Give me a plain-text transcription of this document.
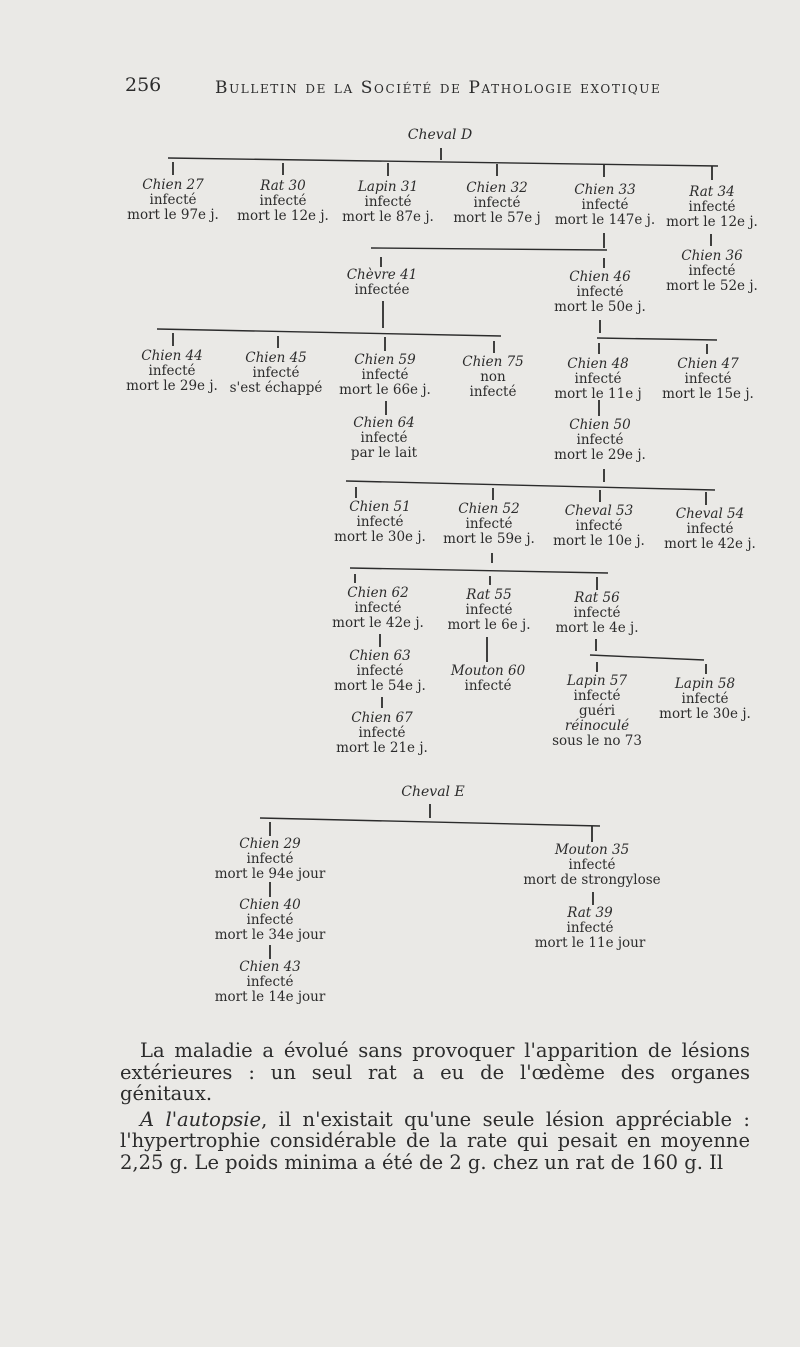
256	Bulletin de la Société de Pathologie exotique
Cheval D
Chien 27
infecté
mort le 97e j.
Rat 30
infecté
mort le 12e j.
Lapin 31
infecté
mort le 87e j.
Chien 32
infecté
mort le 57e j
Chien 33
infecté
mort le 147e j.
Rat 34
infecté
mort le 12e j.
Chien 36
infecté
mort le 52e j.
Chèvre 41
infectée
Chien 46
infecté
mort le 50e j.
Chien 44
infecté
mort le 29e j.
Chien 45
infecté
s'est échappé
Chien 59
infecté
mort le 66e j.
Chien 75
non
infecté
Chien 48
infecté
mort le 11e j
Chien 47
infecté
mort le 15e j.
Chien 64
infecté
par le lait
Chien 50
infecté
mort le 29e j.
Chien 51
infecté
mort le 30e j.
Chien 52
infecté
mort le 59e j.
Cheval 53
infecté
mort le 10e j.
Cheval 54
infecté
mort le 42e j.
Chien 62
infecté
mort le 42e j.
Rat 55
infecté
mort le 6e j.
Rat 56
infecté
mort le 4e j.
Chien 63
infecté
mort le 54e j.
Mouton 60
infecté	Lapin 57
infecté
guéri
réinoculé
sous le no 73
Lapin 58
infecté
mort le 30e j.
Chien 67
infecté
mort le 21e j.
Cheval E
Chien 29
infecté
mort le 94e jour
Chien 40
infecté
mort le 34e jour
Chien 43
infecté
mort le 14e jour
Mouton 35
infecté
mort de strongylose
Rat 39
infecté
mort le 11e jour

La maladie a évolué sans provoquer l'apparition de lésions extérieures : un seul rat a eu de l'œdème des organes génitaux.

A l'autopsie, il n'existait qu'une seule lésion appréciable : l'hypertrophie considérable de la rate qui pesait en moyenne 2,25 g. Le poids minima a été de 2 g. chez un rat de 160 g. Il
